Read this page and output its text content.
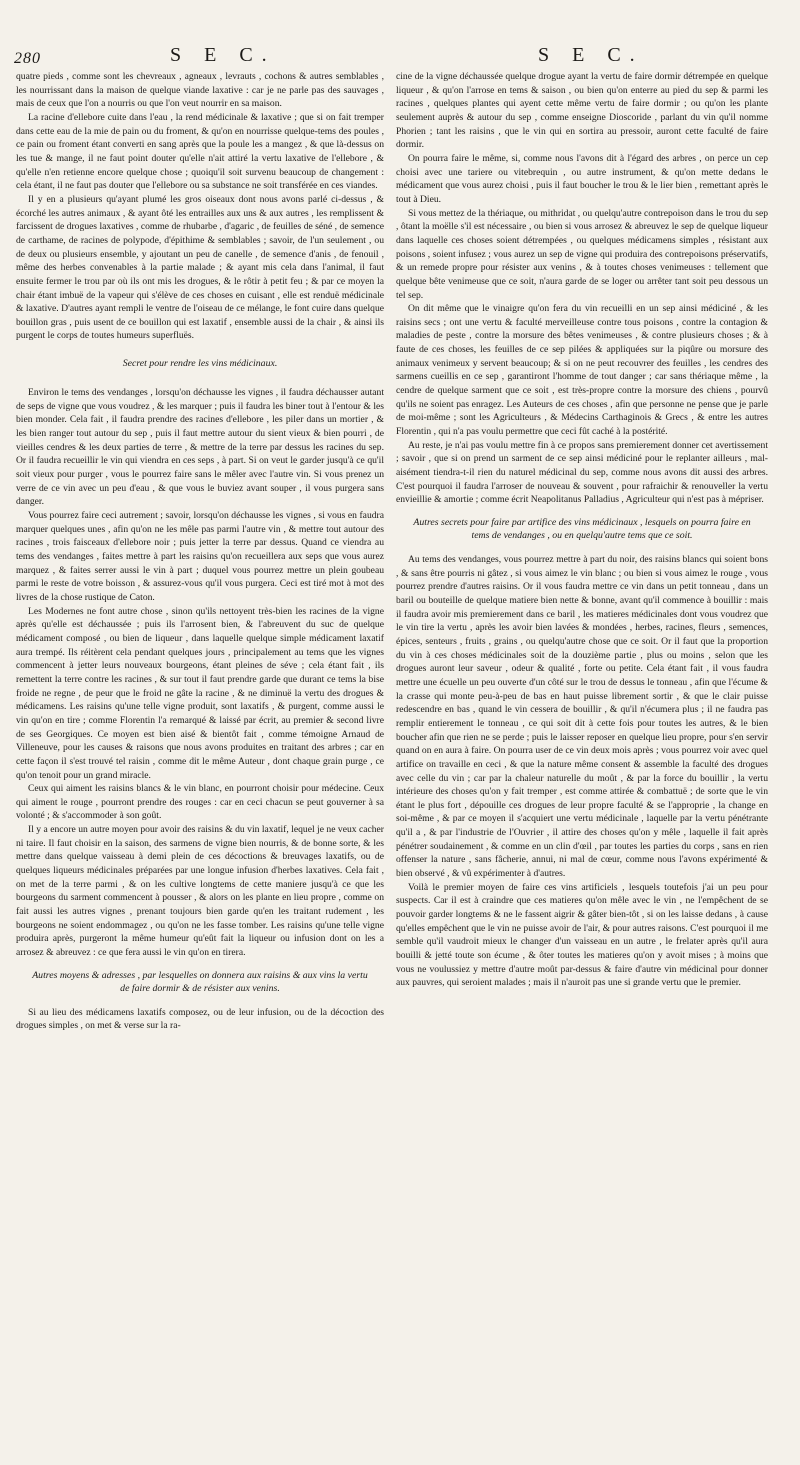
280	S E C.	S E C.

quatre pieds , comme sont les chevreaux , agneaux , levrauts , cochons & autres semblables , les nourrissant dans la maison de quelque viande laxative : car je ne parle pas des sauvages , mais de ceux que l'on a nourris ou que l'on veut nourrir en sa maison.

La racine d'ellebore cuite dans l'eau , la rend médicinale & laxative ; que si on fait tremper dans cette eau de la mie de pain ou du froment, & qu'on en nourrisse quelque-tems des poules , ce pain ou froment étant converti en sang après que la poule les a mangez , & que là-dessus on les tue & mange, il ne faut point douter qu'elle n'ait attiré la vertu laxative de l'ellebore , & qu'elle n'en retienne encore quelque chose ; quoiqu'il soit survenu beaucoup de changement : cela étant, il ne faut pas douter que l'ellebore ou sa substance ne soit transférée en ces viandes.

Il y en a plusieurs qu'ayant plumé les gros oiseaux dont nous avons parlé ci-dessus , & écorché les autres animaux , & ayant ôté les entrailles aux uns & aux autres , les remplissent & farcissent de drogues laxatives , comme de rhubarbe , d'agaric , de feuilles de séné , de semence de carthame, de racines de polypode, d'épithime & semblables ; savoir, de l'un seulement , ou de deux ou plusieurs ensemble, y ajoutant un peu de canelle , de semence d'anis , de fenouil , même des herbes convenables à la partie malade ; & ayant mis cela dans l'animal, il faut ensuite fermer le trou par où ils ont mis les drogues, & le rôtir à petit feu ; & par ce moyen la chair étant imbuë de la vapeur qui s'élève de ces choses en cuisant , elle est renduë médicinale & laxative. D'autres ayant rempli le ventre de l'oiseau de ce mélange, le font cuire dans quelque bouillon gras , puis usent de ce bouillon qui est laxatif , ensemble aussi de la chair , & ainsi ils purgent le corps de toutes humeurs superfluës.

Secret pour rendre les vins médicinaux.

Environ le tems des vendanges , lorsqu'on déchausse les vignes , il faudra déchausser autant de seps de vigne que vous voudrez , & les marquer ; puis il faudra les biner tout à l'entour & les bien monder. Cela fait , il faudra prendre des racines d'ellebore , les piler dans un mortier , & les bien ranger tout autour du sep , puis il faut mettre autour du sient vieux & bien pourri , de vieilles cendres & les deux parties de terre , & mettre de la terre par dessus les racines du sep. Or il faudra recueillir le vin qui viendra en ces seps , à part. Si on veut le garder jusqu'à ce qu'il soit vieux pour purger , vous le pourrez faire sans le mêler avec l'autre vin. Si vous prenez un verre de ce vin avec un peu d'eau , & que vous le buviez avant souper , il vous purgera sans danger.

Vous pourrez faire ceci autrement ; savoir, lorsqu'on déchausse les vignes , si vous en faudra marquer quelques unes , afin qu'on ne les mêle pas parmi l'autre vin , & mettre tout autour des racines , trois faisceaux d'ellebore noir ; puis jetter la terre par dessus. Quand ce viendra au tems des vendanges , faites mettre à part les raisins qu'on recueillera aux seps que vous aurez marquez , & faites serrer aussi le vin à part ; duquel vous pourrez mettre un plein goubeau parmi le reste de votre boisson , & assurez-vous qu'il vous purgera. Ceci est tiré mot à mot des livres de la chose rustique de Caton.

Les Modernes ne font autre chose , sinon qu'ils nettoyent très-bien les racines de la vigne après qu'elle est déchaussée ; puis ils l'arrosent bien, & l'abreuvent du suc de quelque médicament composé , ou bien de liqueur , dans laquelle quelque simple médicament laxatif aura trempé. Ils réitèrent cela pendant quelques jours , principalement au tems que les vignes commencent à jetter leurs nouveaux bourgeons, étant pleines de séve ; cela étant fait , ils remettent la terre contre les racines , & sur tout il faut prendre garde que durant ce tems la bise froide ne regne , de peur que le froid ne gâte la racine , & ne diminuë la vertu des drogues & médicamens. Les raisins qu'une telle vigne produit, sont laxatifs , & purgent, comme aussi le vin qu'on en tire ; comme Florentin l'a remarqué & laissé par écrit, au premier & second livre de ses Georgiques. Ce moyen est bien aisé & bientôt fait , comme témoigne Arnaud de Villeneuve, pour les causes & raisons que nous avons produites en traitant des arbres ; car en cette façon il s'est trouvé tel raisin , comme dit le même Auteur , dont chaque grain purge , ce qu'on tenoit pour un grand miracle.

Ceux qui aiment les raisins blancs & le vin blanc, en pourront choisir pour médecine. Ceux qui aiment le rouge , pourront prendre des rouges : car en ceci chacun se peut gouverner à sa volonté ; & s'accommoder à son goût.

Il y a encore un autre moyen pour avoir des raisins & du vin laxatif, lequel je ne veux cacher ni taire. Il faut choisir en la saison, des sarmens de vigne bien nourris, & de bonne sorte, & les mettre dans quelque vaisseau à demi plein de ces décoctions & breuvages laxatifs, ou de quelques liqueurs médicinales préparées par une longue infusion d'herbes laxatives. Cela fait , on met de la terre parmi , & on les cultive longtems de cette maniere jusqu'à ce que les bourgeons du sarment commencent à pousser , & alors on les plante en lieu propre , comme on fait aussi les autres vignes , prenant toujours bien garde qu'en les traitant rudement , les bourgeons ne soient endommagez , ou qu'on ne les fasse tomber. Les raisins qu'une telle vigne produira après, purgeront la même humeur qu'eût fait la liqueur ou infusion dont on les a arrosez & abreuvez : ce que fera aussi le vin qu'on en tirera.

Autres moyens & adresses , par lesquelles on donnera aux raisins & aux vins la vertu de faire dormir & de résister aux venins.

Si au lieu des médicamens laxatifs composez, ou de leur infusion, ou de la décoction des drogues simples , on met & verse sur la ra-

cine de la vigne déchaussée quelque drogue ayant la vertu de faire dormir détrempée en quelque liqueur , & qu'on l'arrose en tems & saison , ou bien qu'on enterre au pied du sep & parmi les racines , quelques plantes qui ayent cette même vertu de faire dormir ; ou qu'on les plante seulement auprès & autour du sep , comme enseigne Dioscoride , parlant du vin qu'il nomme Phorien ; tant les raisins , que le vin qui en sortira au pressoir, auront cette faculté de faire dormir.

On pourra faire le même, si, comme nous l'avons dit à l'égard des arbres , on perce un cep choisi avec une tariere ou vitebrequin , ou autre instrument, & qu'on mette dedans le médicament que vous aurez choisi , puis il faut boucher le trou & le lier bien , remettant après le tout à Dieu.

Si vous mettez de la thériaque, ou mithridat , ou quelqu'autre contrepoison dans le trou du sep , ôtant la moëlle s'il est nécessaire , ou bien si vous arrosez & abreuvez le sep de quelque liqueur dans laquelle ces choses soient détrempées , ou quelques médicamens simples , résistant aux poisons , soient infusez ; vous aurez un sep de vigne qui produira des contrepoisons préservatifs, & un remede propre pour résister aux venins , & à toutes choses venimeuses : tellement que quelque bête venimeuse que ce soit, n'aura garde de se loger ou arrêter tant soit peu dessous un tel sep.

On dit même que le vinaigre qu'on fera du vin recueilli en un sep ainsi médiciné , & les raisins secs ; ont une vertu & faculté merveilleuse contre tous poisons , contre la contagion & maladies de peste , contre la morsure des bêtes venimeuses , & contre plusieurs choses ; & à faute de ces choses, les feuilles de ce sep pilées & appliquées sur la piqûre ou morsure des animaux venimeux y servent beaucoup; & si on ne peut recouvrer des feuilles , les cendres des sarmens cueillis en ce sep , garantiront l'homme de tout danger ; car sans thériaque même , la cendre de quelque sarment que ce soit , est très-propre contre la morsure des chiens , pourvû qu'ils ne soient pas enragez. Les Auteurs de ces choses , afin que personne ne pense que je parle de moi-même ; sont les Agriculteurs , & Médecins Carthaginois & Grecs , & entre les autres Florentin , qui n'a pas voulu permettre que ceci fût caché à la postérité.

Au reste, je n'ai pas voulu mettre fin à ce propos sans premierement donner cet avertissement ; savoir , que si on prend un sarment de ce sep ainsi médiciné pour le replanter ailleurs , mal-aisément tiendra-t-il rien du naturel médicinal du sep, comme nous avons dit aussi des arbres. C'est pourquoi il faudra l'arroser de nouveau & souvent , pour rafraichir & renouveller la vertu envieillie & amortie ; comme écrit Neapolitanus Palladius , Agriculteur qui n'est pas à mépriser.

Autres secrets pour faire par artifice des vins médicinaux , lesquels on pourra faire en tems de vendanges , ou en quelqu'autre tems que ce soit.

Au tems des vendanges, vous pourrez mettre à part du noir, des raisins blancs qui soient bons , & sans être pourris ni gâtez , si vous aimez le vin blanc ; ou bien si vous aimez le rouge , vous pourrez prendre d'autres raisins. Or il vous faudra mettre ce vin dans un petit tonneau , dans un baril ou bouteille de quelque matiere bien nette & bonne, avant qu'il commence à bouillir : mais il faudra avoir mis premierement dans ce baril , les matieres médicinales dont vous voudrez que le vin tire la vertu , après les avoir bien lavées & mondées , herbes, racines, fleurs , semences, épices, senteurs , fruits , grains , ou quelqu'autre chose que ce soit. Or il faut que la proportion du vin à ces choses médicinales soit de la douzième partie , plus ou moins , selon que les drogues auront leur saveur , odeur & qualité , forte ou petite. Cela étant fait , il vous faudra mettre une écuelle un peu ouverte d'un côté sur le trou de dessus le tonneau , afin que l'écume & la crasse qui monte peu-à-peu de bas en haut puisse librement sortir , & que le clair puisse redescendre en bas , quand le vin cessera de bouillir , & qu'il n'écumera plus ; il ne faudra pas remplir entierement le tonneau , ce qui soit dit à cette fois pour toutes les autres, & le bien boucher afin que rien ne se perde ; puis le laisser reposer en quelque lieu propre, pour s'en servir quand on en aura à faire. On pourra user de ce vin deux mois après ; vous pourrez voir avec quel artifice on travaille en ceci , & que la nature même consent & assemble la faculté des drogues avec celle du vin ; car par la chaleur naturelle du moût , & par la force du bouillir , la vertu intérieure des choses qu'on y fait tremper , est comme attirée & combattuë ; de sorte que le vin étant le plus fort , dépouille ces drogues de leur propre faculté & se l'approprie , la change en soi-même , & par ce moyen il s'acquiert une vertu médicinale , laquelle par la vertu pénétrante qu'il a , & par l'industrie de l'Ouvrier , il attire des choses qu'on y mêle , laquelle il fait après pénétrer soudainement , & comme en un clin d'œil , par toutes les parties du corps , sans en rien offenser la nature , sans fâcherie, annui, ni mal de cœur, comme nous l'avons expérimenté & bien observé , & vû expérimenter à d'autres.

Voilà le premier moyen de faire ces vins artificiels , lesquels toutefois j'ai un peu pour suspects. Car il est à craindre que ces matieres qu'on mêle avec le vin , ne l'empêchent de se pouvoir garder longtems & ne le fassent aigrir & gâter bien-tôt , si on les laisse dedans , à cause qu'elles empêchent que le vin ne puisse avoir de l'air, & pour autres raisons. C'est pourquoi il me semble qu'il vaudroit mieux le changer d'un vaisseau en un autre , le frelater après qu'il aura bouilli & jetté toute son écume , & ôter toutes les matieres qu'on y avoit mises ; à moins que vous ne voulussiez y mettre d'autre moût par-dessus & faire d'autre vin médicinal pour donner aux pauvres, qui seroient malades ; mais il n'auroit pas une si grande vertu que le premier.
